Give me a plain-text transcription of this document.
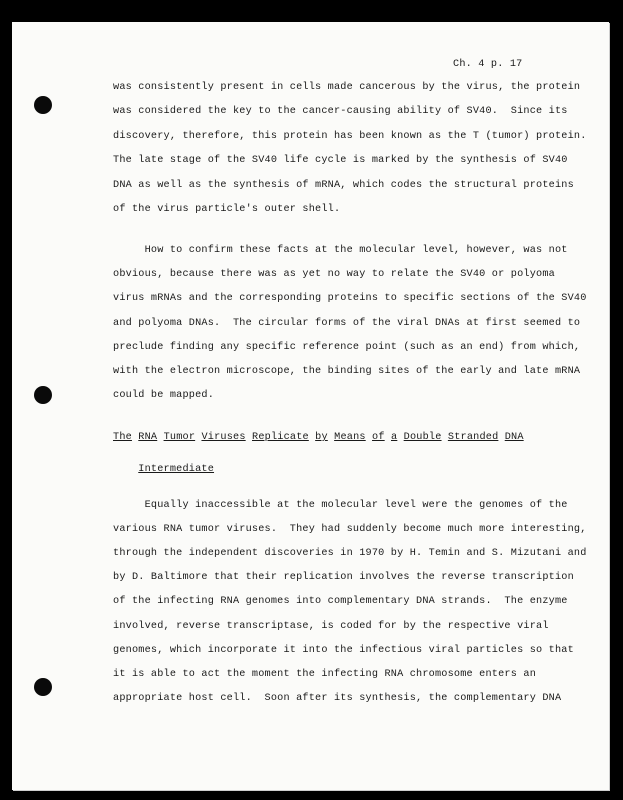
Ch. 4 p. 17
was consistently present in cells made cancerous by the virus, the protein
was considered the key to the cancer-causing ability of SV40.  Since its
discovery, therefore, this protein has been known as the T (tumor) protein.
The late stage of the SV40 life cycle is marked by the synthesis of SV40
DNA as well as the synthesis of mRNA, which codes the structural proteins
of the virus particle's outer shell.
How to confirm these facts at the molecular level, however, was not
obvious, because there was as yet no way to relate the SV40 or polyoma
virus mRNAs and the corresponding proteins to specific sections of the SV40
and polyoma DNAs.  The circular forms of the viral DNAs at first seemed to
preclude finding any specific reference point (such as an end) from which,
with the electron microscope, the binding sites of the early and late mRNA
could be mapped.
The RNA Tumor Viruses Replicate by Means of a Double Stranded DNA

Intermediate

Equally inaccessible at the molecular level were the genomes of the
various RNA tumor viruses.  They had suddenly become much more interesting,
through the independent discoveries in 1970 by H. Temin and S. Mizutani and
by D. Baltimore that their replication involves the reverse transcription
of the infecting RNA genomes into complementary DNA strands.  The enzyme
involved, reverse transcriptase, is coded for by the respective viral
genomes, which incorporate it into the infectious viral particles so that
it is able to act the moment the infecting RNA chromosome enters an
appropriate host cell.  Soon after its synthesis, the complementary DNA
